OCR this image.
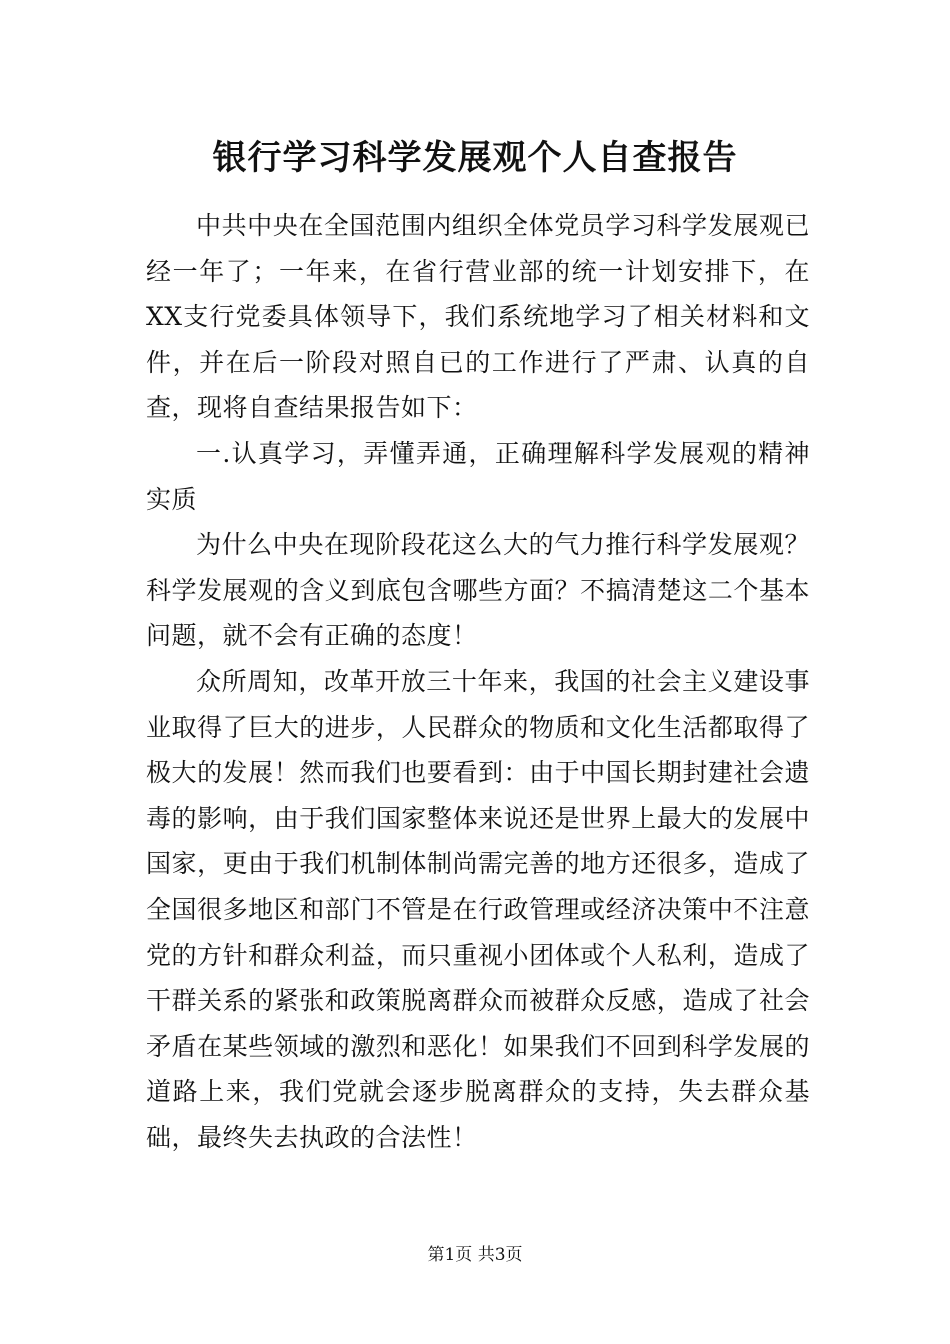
银行学习科学发展观个人自查报告

中共中央在全国范围内组织全体党员学习科学发展观已经一年了；一年来，在省行营业部的统一计划安排下，在XX支行党委具体领导下，我们系统地学习了相关材料和文件，并在后一阶段对照自已的工作进行了严肃、认真的自查，现将自查结果报告如下：

一.认真学习，弄懂弄通，正确理解科学发展观的精神实质

为什么中央在现阶段花这么大的气力推行科学发展观？科学发展观的含义到底包含哪些方面？不搞清楚这二个基本问题，就不会有正确的态度！

众所周知，改革开放三十年来，我国的社会主义建设事业取得了巨大的进步，人民群众的物质和文化生活都取得了极大的发展！然而我们也要看到：由于中国长期封建社会遗毒的影响，由于我们国家整体来说还是世界上最大的发展中国家，更由于我们机制体制尚需完善的地方还很多，造成了全国很多地区和部门不管是在行政管理或经济决策中不注意党的方针和群众利益，而只重视小团体或个人私利，造成了干群关系的紧张和政策脱离群众而被群众反感，造成了社会矛盾在某些领域的激烈和恶化！如果我们不回到科学发展的道路上来，我们党就会逐步脱离群众的支持，失去群众基础，最终失去执政的合法性！

第1页 共3页
